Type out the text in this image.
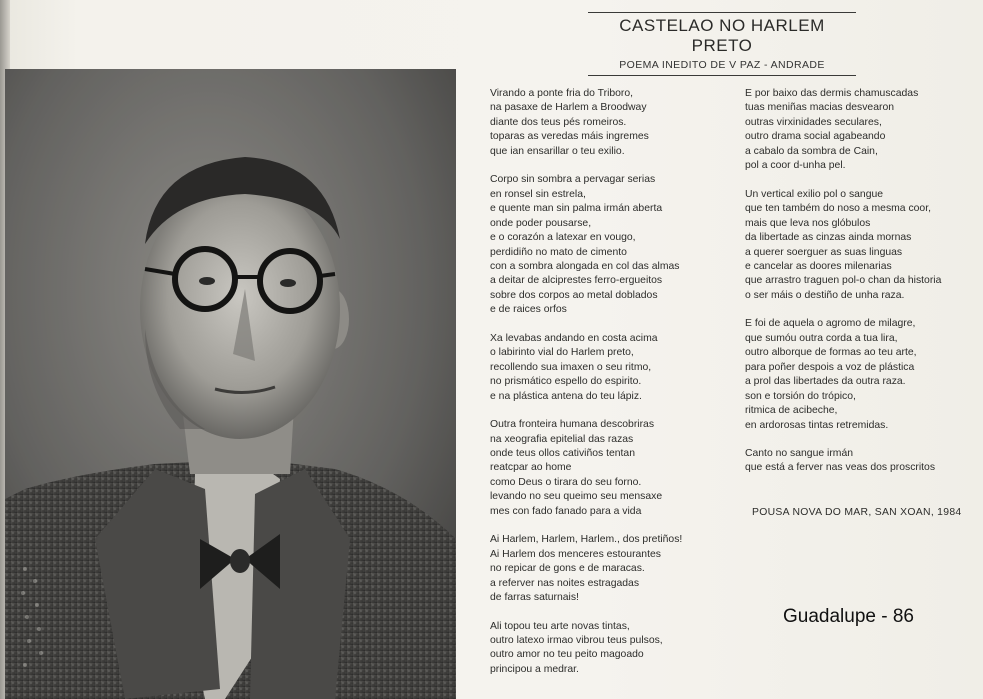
CASTELAO NO HARLEM PRETO
POEMA INEDITO DE V PAZ - ANDRADE
Virando a ponte fria do Triboro,
na pasaxe de Harlem a Broodway
diante dos teus pés romeiros.
toparas as veredas máis ingremes
que ian ensarillar o teu exilio.
Corpo sin sombra a pervagar serias
en ronsel sin estrela,
e quente man sin palma irmán aberta
onde poder pousarse,
e o corazón a latexar en vougo,
perdidiño no mato de cimento
con a sombra alongada en col das almas
a deitar de alciprestes ferro-ergueitos
sobre dos corpos ao metal doblados
e de raices orfos
Xa levabas andando en costa acima
o labirinto vial do Harlem preto,
recollendo sua imaxen o seu ritmo,
no prismático espello do espirito.
e na plástica antena do teu lápiz.
Outra fronteira humana descobriras
na xeografia epitelial das razas
onde teus ollos cativiños tentan
reatcpar ao home
como Deus o tirara do seu forno.
levando no seu queimo seu mensaxe
mes con fado fanado para a vida
Ai Harlem, Harlem, Harlem., dos pretiños!
Ai Harlem dos menceres estourantes
no repicar de gons e de maracas.
a referver nas noites estragadas
de farras saturnais!
Ali topou teu arte novas tintas,
outro latexo irmao vibrou teus pulsos,
outro amor no teu peito magoado
principou a medrar.
E por baixo das dermis chamuscadas
tuas meniñas macias desvearon
outras virxinidades seculares,
outro drama social agabeando
a cabalo da sombra de Cain,
pol a coor d-unha pel.
Un vertical exilio pol o sangue
que ten também do noso a mesma coor,
mais que leva nos glóbulos
da libertade as cinzas ainda mornas
a querer soerguer as suas linguas
e cancelar as doores milenarias
que arrastro traguen pol-o chan da historia
o ser máis o destiño de unha raza.
E foi de aquela o agromo de milagre,
que sumóu outra corda a tua lira,
outro alborque de formas ao teu arte,
para poñer despois a voz de plástica
a prol das libertades da outra raza.
son e torsión do trópico,
ritmica de acibeche,
en ardorosas tintas retremidas.
Canto no sangue irmán
que está a ferver nas veas dos proscritos
POUSA NOVA DO MAR, SAN XOAN, 1984
Guadalupe - 86
